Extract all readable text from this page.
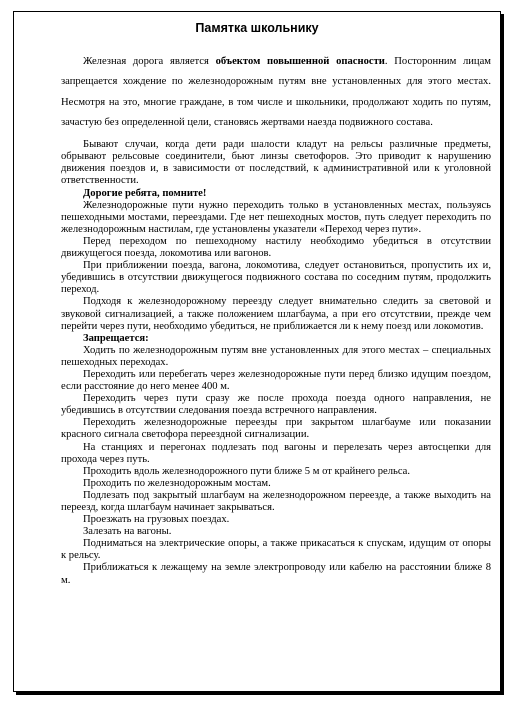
Памятка школьнику

Железная дорога является объектом повышенной опасности. Посторонним лицам запрещается хождение по железнодорожным путям вне установленных для этого местах. Несмотря на это, многие граждане, в том числе и школьники, продолжают ходить по путям, зачастую без определенной цели, становясь жертвами наезда подвижного состава.

Бывают случаи, когда дети ради шалости кладут на рельсы различные предметы, обрывают рельсовые соединители, бьют линзы светофоров. Это приводит к нарушению движения поездов и, в зависимости от последствий, к административной или к уголовной ответственности.

Дорогие ребята, помните!

Железнодорожные пути нужно переходить только в установленных местах, пользуясь пешеходными мостами, переездами. Где нет пешеходных мостов, путь следует переходить по железнодорожным настилам, где установлены указатели «Переход через пути».

Перед переходом по пешеходному настилу необходимо убедиться в отсутствии движущегося поезда, локомотива или вагонов.

При приближении поезда, вагона, локомотива, следует остановиться, пропустить их и, убедившись в отсутствии движущегося подвижного состава по соседним путям, продолжить переход.

Подходя к железнодорожному переезду следует внимательно следить за световой и звуковой сигнализацией, а также положением шлагбаума, а при его отсутствии, прежде чем перейти через пути, необходимо убедиться, не приближается ли к нему поезд или локомотив.

Запрещается:

Ходить по железнодорожным путям вне установленных для этого местах – специальных пешеходных переходах.

Переходить или перебегать через железнодорожные пути перед близко идущим поездом, если расстояние до него менее 400 м.

Переходить через пути сразу же после прохода поезда одного направления, не убедившись в отсутствии следования поезда встречного направления.

Переходить железнодорожные переезды при закрытом шлагбауме или показании красного сигнала светофора переездной сигнализации.

На станциях и перегонах подлезать под вагоны и перелезать через автосцепки для прохода через путь.

Проходить вдоль железнодорожного пути ближе 5 м от крайнего рельса.

Проходить по железнодорожным мостам.

Подлезать под закрытый шлагбаум на железнодорожном переезде, а также выходить на переезд, когда шлагбаум начинает закрываться.

Проезжать на грузовых поездах.

Залезать на вагоны.

Подниматься на электрические опоры, а также прикасаться к спускам, идущим от опоры к рельсу.

Приближаться к лежащему на земле электропроводу или кабелю на расстоянии ближе 8 м.
